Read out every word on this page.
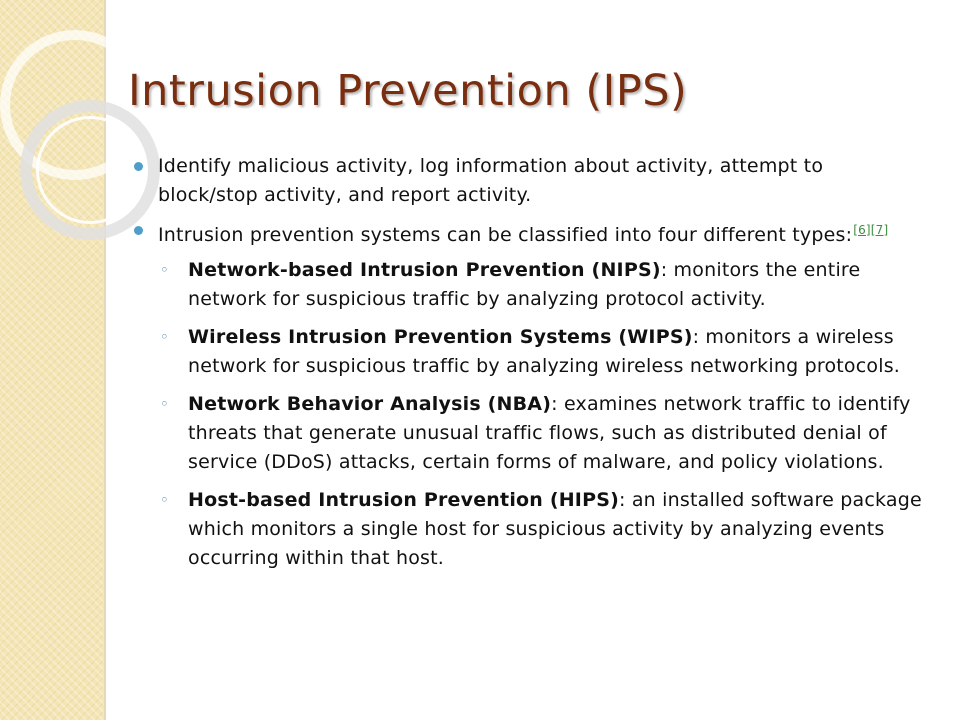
Intrusion Prevention (IPS)
Identify malicious activity, log information about activity, attempt to block/stop activity, and report activity.
Intrusion prevention systems can be classified into four different types:[6][7]
◦ Network-based Intrusion Prevention (NIPS): monitors the entire network for suspicious traffic by analyzing protocol activity.
◦ Wireless Intrusion Prevention Systems (WIPS): monitors a wireless network for suspicious traffic by analyzing wireless networking protocols.
◦ Network Behavior Analysis (NBA): examines network traffic to identify threats that generate unusual traffic flows, such as distributed denial of service (DDoS) attacks, certain forms of malware, and policy violations.
◦ Host-based Intrusion Prevention (HIPS): an installed software package which monitors a single host for suspicious activity by analyzing events occurring within that host.
